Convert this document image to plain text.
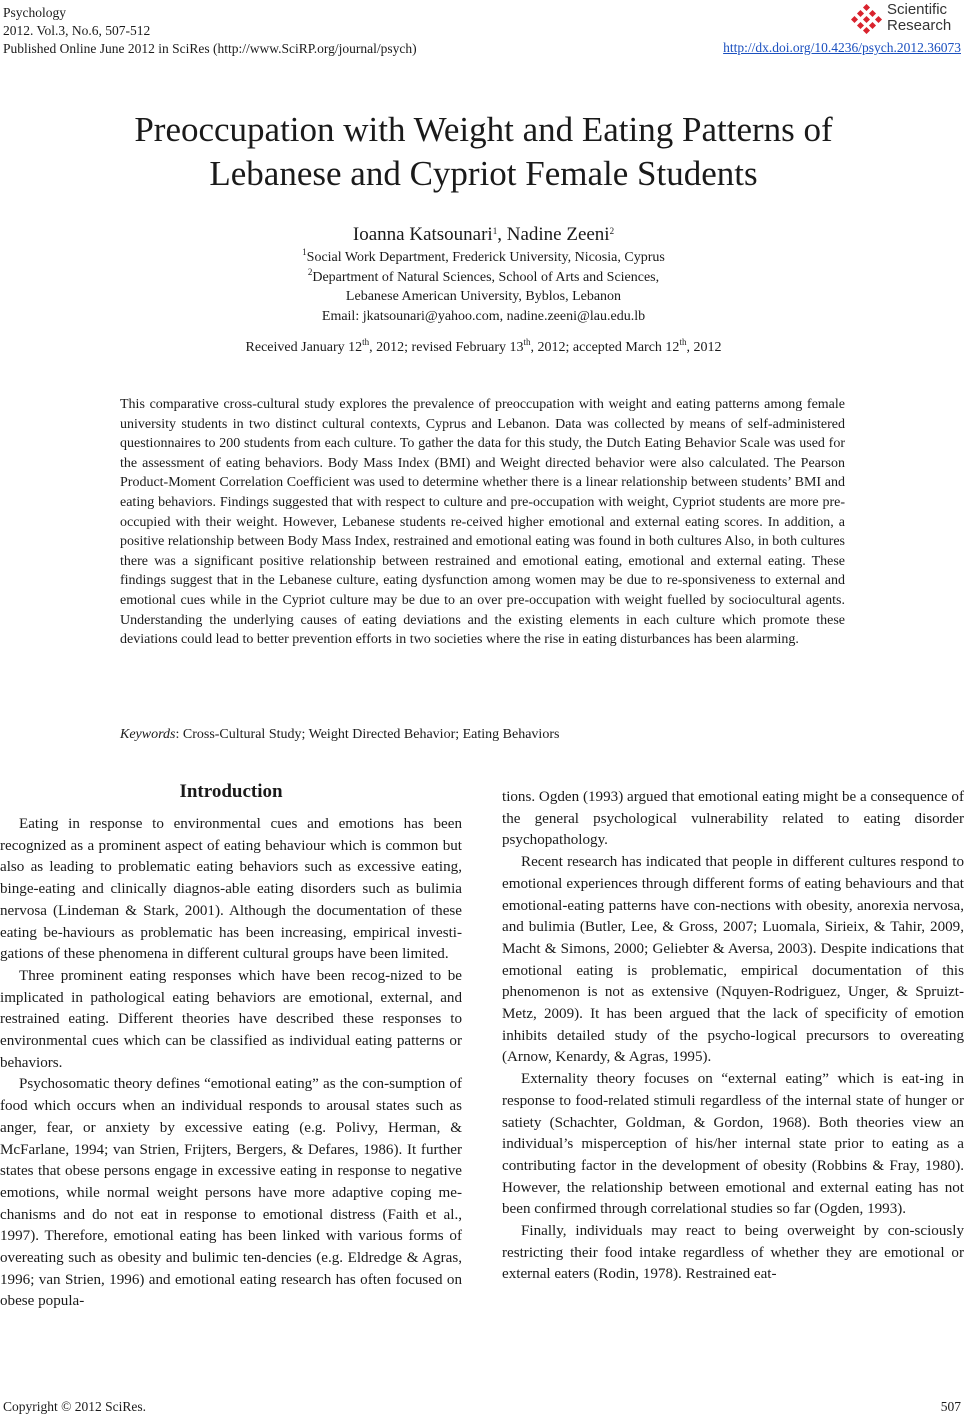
Psychology
2012. Vol.3, No.6, 507-512
Published Online June 2012 in SciRes (http://www.SciRP.org/journal/psych)
Scientific
Research
http://dx.doi.org/10.4236/psych.2012.36073
Preoccupation with Weight and Eating Patterns of
Lebanese and Cypriot Female Students
Ioanna Katsounari$^1$, Nadine Zeeni$^2$
$^1$Social Work Department, Frederick University, Nicosia, Cyprus
$^2$Department of Natural Sciences, School of Arts and Sciences,
Lebanese American University, Byblos, Lebanon
Email: jkatsounari@yahoo.com, nadine.zeeni@lau.edu.lb
Received January 12th, 2012; revised February 13th, 2012; accepted March 12th, 2012
This comparative cross-cultural study explores the prevalence of preoccupation with weight and eating patterns among female university students in two distinct cultural contexts, Cyprus and Lebanon. Data was collected by means of self-administered questionnaires to 200 students from each culture. To gather the data for this study, the Dutch Eating Behavior Scale was used for the assessment of eating behaviors. Body Mass Index (BMI) and Weight directed behavior were also calculated. The Pearson Product-Moment Correlation Coefficient was used to determine whether there is a linear relationship between students’ BMI and eating behaviors. Findings suggested that with respect to culture and pre-occupation with weight, Cypriot students are more pre-occupied with their weight. However, Lebanese students re-ceived higher emotional and external eating scores. In addition, a positive relationship between Body Mass Index, restrained and emotional eating was found in both cultures Also, in both cultures there was a significant positive relationship between restrained and emotional eating, emotional and external eating. These findings suggest that in the Lebanese culture, eating dysfunction among women may be due to re-sponsiveness to external and emotional cues while in the Cypriot culture may be due to an over pre-occupation with weight fuelled by sociocultural agents. Understanding the underlying causes of eating deviations and the existing elements in each culture which promote these deviations could lead to better prevention efforts in two societies where the rise in eating disturbances has been alarming.
Keywords: Cross-Cultural Study; Weight Directed Behavior; Eating Behaviors
Introduction

Eating in response to environmental cues and emotions has been recognized as a prominent aspect of eating behaviour which is common but also as leading to problematic eating behaviors such as excessive eating, binge-eating and clinically diagnos-able eating disorders such as bulimia nervosa (Lindeman & Stark, 2001). Although the documentation of these eating be-haviours as problematic has been increasing, empirical investi-gations of these phenomena in different cultural groups have been limited.

Three prominent eating responses which have been recog-nized to be implicated in pathological eating behaviors are emotional, external, and restrained eating. Different theories have described these responses to environmental cues which can be classified as individual eating patterns or behaviors.

Psychosomatic theory defines “emotional eating” as the con-sumption of food which occurs when an individual responds to arousal states such as anger, fear, or anxiety by excessive eating (e.g. Polivy, Herman, & McFarlane, 1994; van Strien, Frijters, Bergers, & Defares, 1986). It further states that obese persons engage in excessive eating in response to negative emotions, while normal weight persons have more adaptive coping me-chanisms and do not eat in response to emotional distress (Faith et al., 1997). Therefore, emotional eating has been linked with various forms of overeating such as obesity and bulimic ten-dencies (e.g. Eldredge & Agras, 1996; van Strien, 1996) and emotional eating research has often focused on obese popula-

tions. Ogden (1993) argued that emotional eating might be a consequence of the general psychological vulnerability related to eating disorder psychopathology.

Recent research has indicated that people in different cultures respond to emotional experiences through different forms of eating behaviours and that emotional-eating patterns have con-nections with obesity, anorexia nervosa, and bulimia (Butler, Lee, & Gross, 2007; Luomala, Sirieix, & Tahir, 2009, Macht & Simons, 2000; Geliebter & Aversa, 2003). Despite indications that emotional eating is problematic, empirical documentation of this phenomenon is not as extensive (Nquyen-Rodriguez, Unger, & Spruizt-Metz, 2009). It has been argued that the lack of specificity of emotion inhibits detailed study of the psycho-logical precursors to overeating (Arnow, Kenardy, & Agras, 1995).

Externality theory focuses on “external eating” which is eat-ing in response to food-related stimuli regardless of the internal state of hunger or satiety (Schachter, Goldman, & Gordon, 1968). Both theories view an individual’s misperception of his/her internal state prior to eating as a contributing factor in the development of obesity (Robbins & Fray, 1980). However, the relationship between emotional and external eating has not been confirmed through correlational studies so far (Ogden, 1993).

Finally, individuals may react to being overweight by con-sciously restricting their food intake regardless of whether they are emotional or external eaters (Rodin, 1978). Restrained eat-

Copyright © 2012 SciRes.	507
